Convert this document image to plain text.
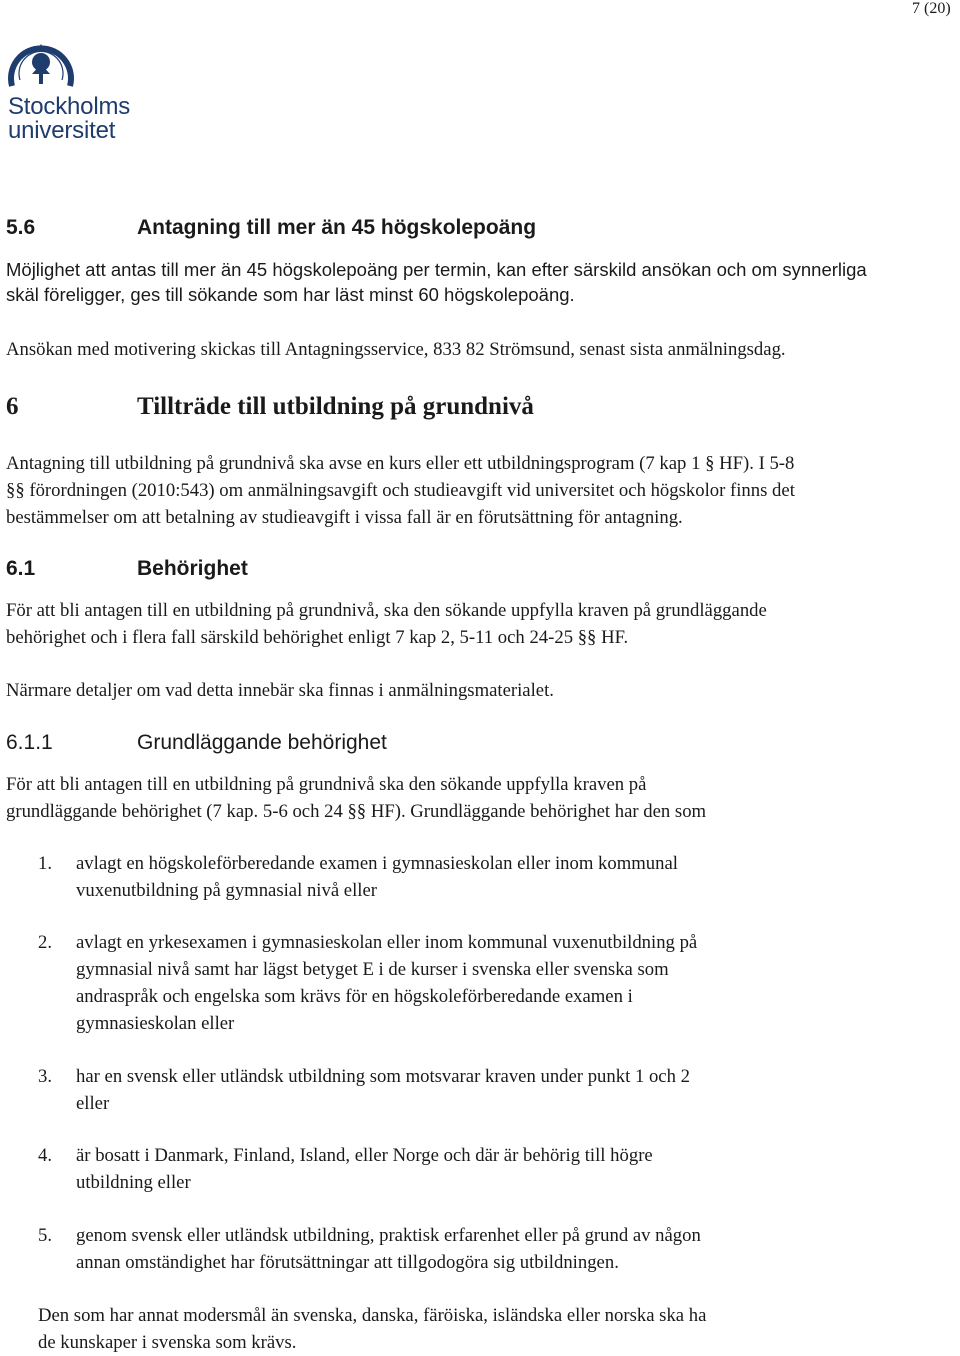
7 (20)
Stockholms
universitet
5.6	Antagning till mer än 45 högskolepoäng
Möjlighet att antas till mer än 45 högskolepoäng per termin, kan efter särskild ansökan och om synnerliga
skäl föreligger, ges till sökande som har läst minst 60 högskolepoäng.
Ansökan med motivering skickas till Antagningsservice, 833 82 Strömsund, senast sista anmälningsdag.
6	Tillträde till utbildning på grundnivå
Antagning till utbildning på grundnivå ska avse en kurs eller ett utbildningsprogram (7 kap 1 § HF). I 5-8
§§ förordningen (2010:543) om anmälningsavgift och studieavgift vid universitet och högskolor finns det
bestämmelser om att betalning av studieavgift i vissa fall är en förutsättning för antagning.
6.1	Behörighet
För att bli antagen till en utbildning på grundnivå, ska den sökande uppfylla kraven på grundläggande
behörighet och i flera fall särskild behörighet enligt 7 kap 2, 5-11 och 24-25 §§ HF.
Närmare detaljer om vad detta innebär ska finnas i anmälningsmaterialet.
6.1.1	Grundläggande behörighet
För att bli antagen till en utbildning på grundnivå ska den sökande uppfylla kraven på
grundläggande behörighet (7 kap. 5-6 och 24 §§ HF). Grundläggande behörighet har den som
1. avlagt en högskoleförberedande examen i gymnasieskolan eller inom kommunal
vuxenutbildning på gymnasial nivå eller
2. avlagt en yrkesexamen i gymnasieskolan eller inom kommunal vuxenutbildning på
gymnasial nivå samt har lägst betyget E i de kurser i svenska eller svenska som
andraspråk och engelska som krävs för en högskoleförberedande examen i
gymnasieskolan eller
3. har en svensk eller utländsk utbildning som motsvarar kraven under punkt 1 och 2
eller
4. är bosatt i Danmark, Finland, Island, eller Norge och där är behörig till högre
utbildning eller
5. genom svensk eller utländsk utbildning, praktisk erfarenhet eller på grund av någon
annan omständighet har förutsättningar att tillgodogöra sig utbildningen.
Den som har annat modersmål än svenska, danska, färöiska, isländska eller norska ska ha
de kunskaper i svenska som krävs.
